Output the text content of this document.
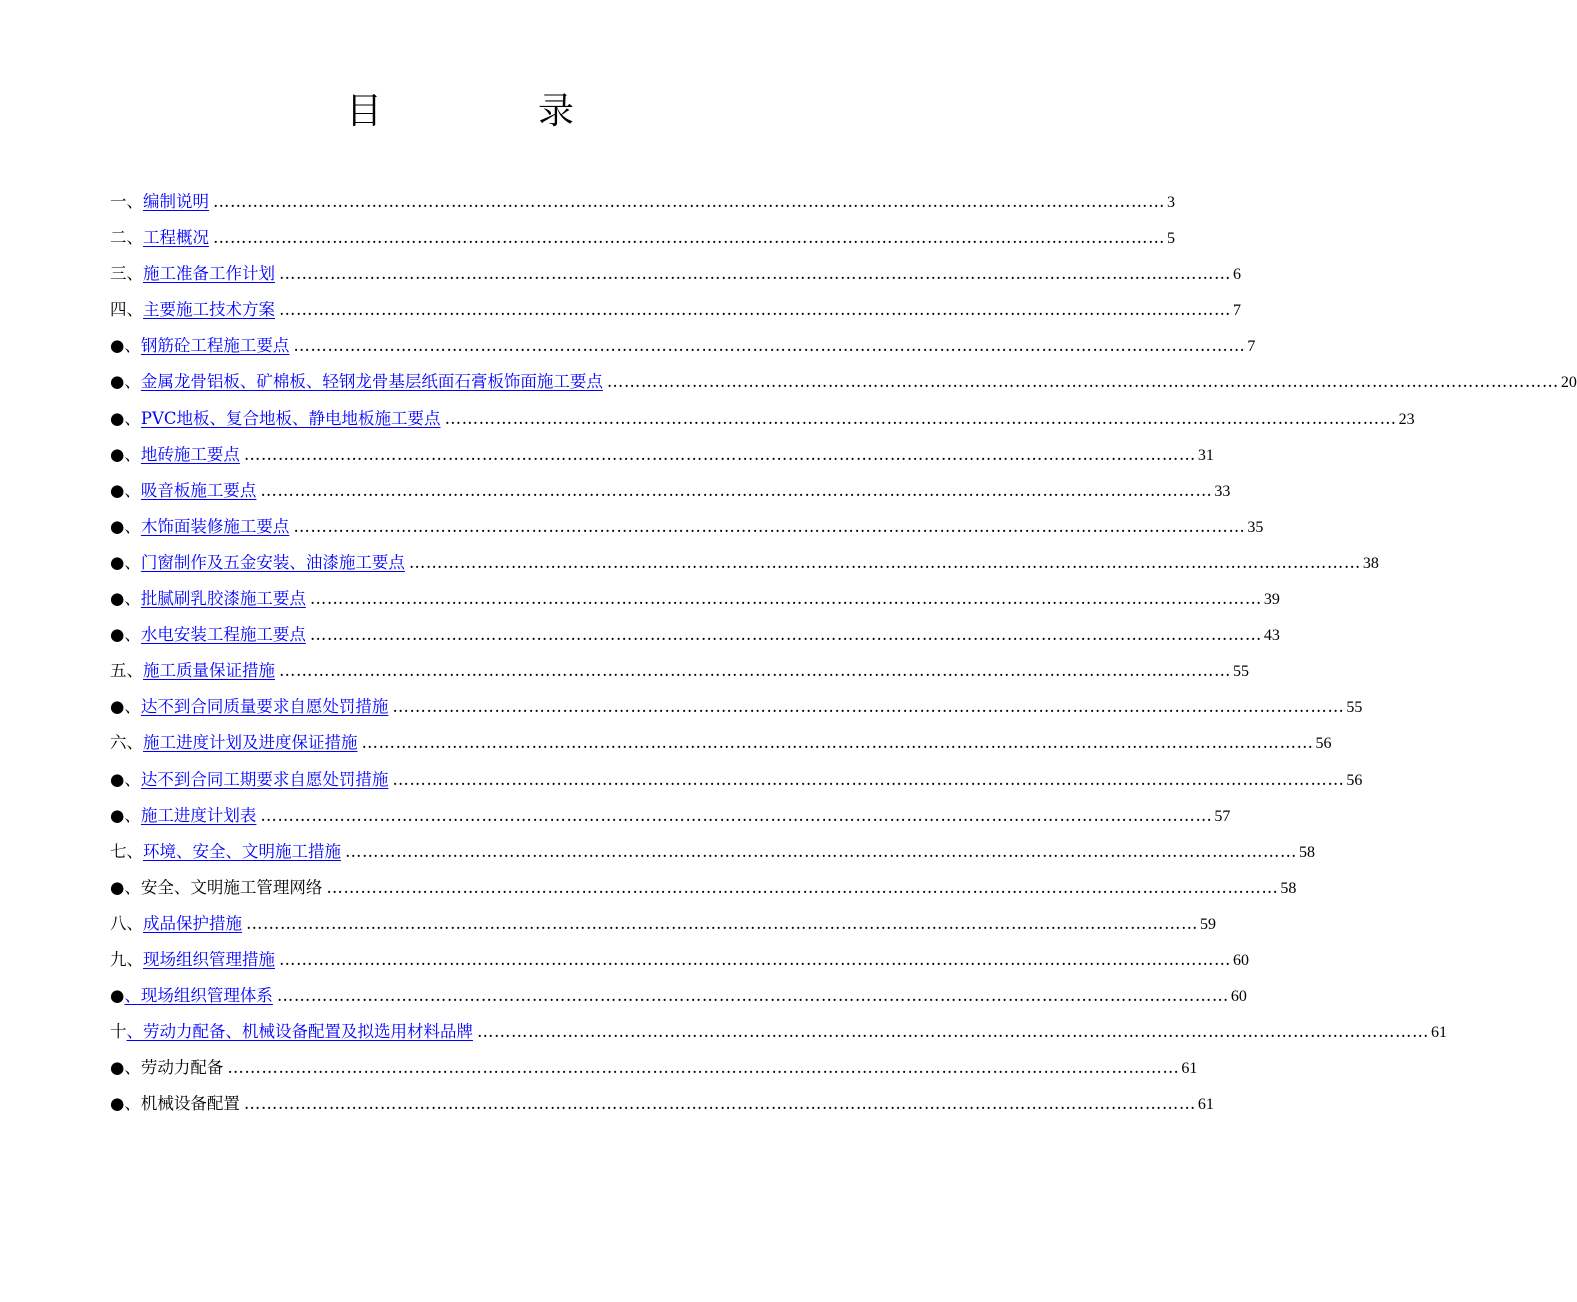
目　录
一、 编制说明 …………………………………………………………………………………………………………………………………………………… 3
二、 工程概况 …………………………………………………………………………………………………………………………………………………… 5
三、 施工准备工作计划 …………………………………………………………………………………………………………………………………………………… 6
四、 主要施工技术方案 …………………………………………………………………………………………………………………………………………………… 7
●、 钢筋砼工程施工要点 …………………………………………………………………………………………………………………………………………………… 7
●、 金属龙骨铝板、矿棉板、轻钢龙骨基层纸面石膏板饰面施工要点 …………………………………………………………………………………………………………………………………………………… 20
●、 PVC地板、复合地板、静电地板施工要点 …………………………………………………………………………………………………………………………………………………… 23
●、 地砖施工要点 …………………………………………………………………………………………………………………………………………………… 31
●、 吸音板施工要点 …………………………………………………………………………………………………………………………………………………… 33
●、 木饰面装修施工要点 …………………………………………………………………………………………………………………………………………………… 35
●、 门窗制作及五金安装、油漆施工要点 …………………………………………………………………………………………………………………………………………………… 38
●、 批腻刷乳胶漆施工要点 …………………………………………………………………………………………………………………………………………………… 39
●、 水电安装工程施工要点 …………………………………………………………………………………………………………………………………………………… 43
五、 施工质量保证措施 …………………………………………………………………………………………………………………………………………………… 55
●、 达不到合同质量要求自愿处罚措施 …………………………………………………………………………………………………………………………………………………… 55
六、 施工进度计划及进度保证措施 …………………………………………………………………………………………………………………………………………………… 56
●、 达不到合同工期要求自愿处罚措施 …………………………………………………………………………………………………………………………………………………… 56
●、 施工进度计划表 …………………………………………………………………………………………………………………………………………………… 57
七、 环境、安全、文明施工措施 …………………………………………………………………………………………………………………………………………………… 58
●、 安全、文明施工管理网络 …………………………………………………………………………………………………………………………………………………… 58
八、 成品保护措施 …………………………………………………………………………………………………………………………………………………… 59
九、 现场组织管理措施 …………………………………………………………………………………………………………………………………………………… 60
● 、现场组织管理体系 …………………………………………………………………………………………………………………………………………………… 60
十 、劳动力配备、机械设备配置及拟选用材料品牌 …………………………………………………………………………………………………………………………………………………… 61
●、 劳动力配备 …………………………………………………………………………………………………………………………………………………… 61
●、 机械设备配置 …………………………………………………………………………………………………………………………………………………… 61
